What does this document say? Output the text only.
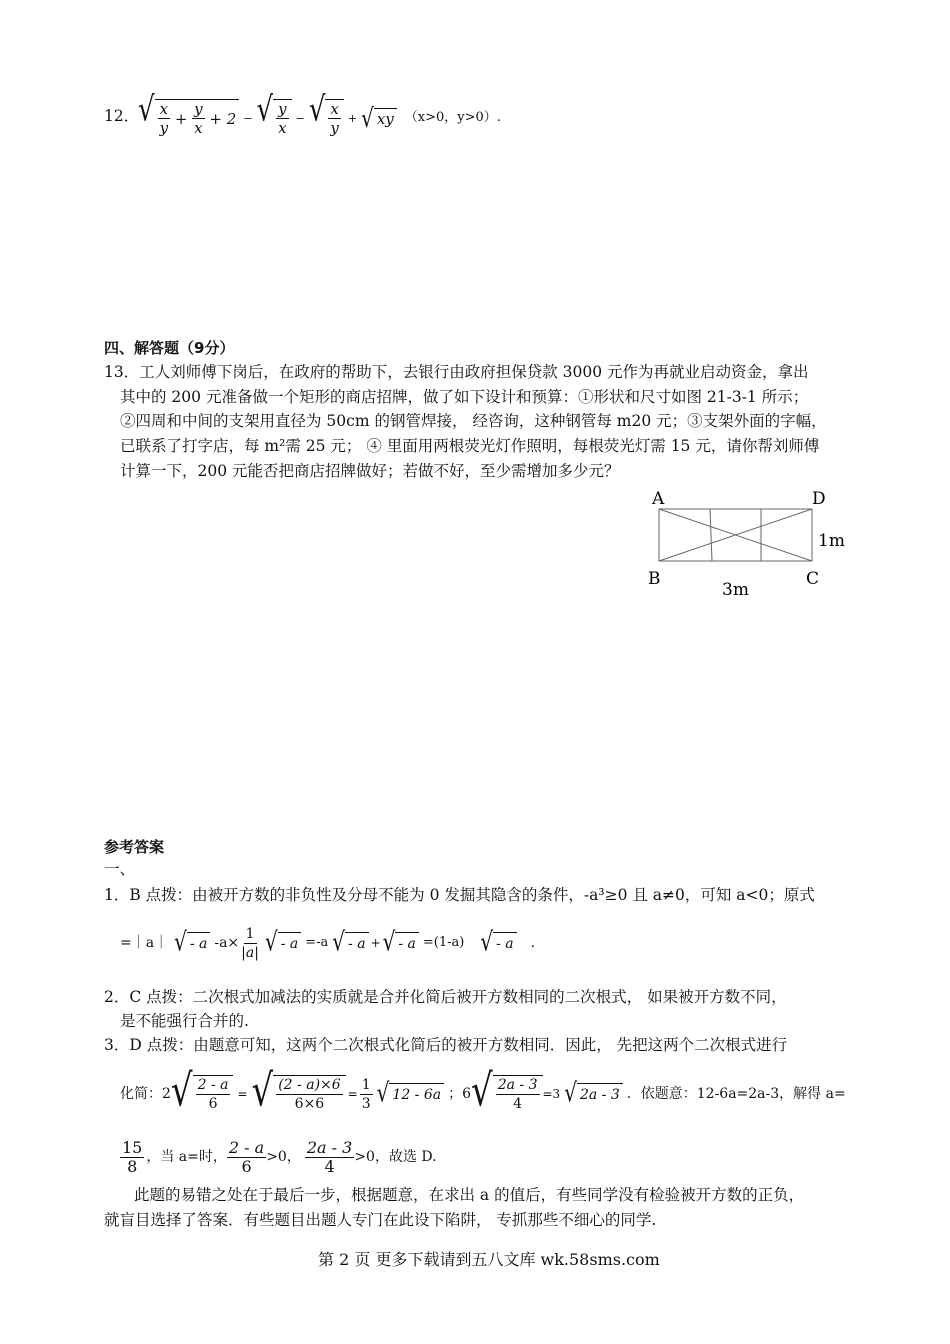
12．
√ $\frac{x}{y} + \frac{y}{x} + 2$ − √ $\frac{y}{x}$ − √ $\frac{x}{y}$ + √ xy （x>0，y>0）.
四、解答题（9分）
13．工人刘师傅下岗后，在政府的帮助下，去银行由政府担保贷款 3000 元作为再就业启动资金，拿出
其中的 200 元准备做一个矩形的商店招牌，做了如下设计和预算：①形状和尺寸如图 21-3-1 所示；
②四周和中间的支架用直径为 50cm 的钢管焊接， 经咨询，这种钢管每 m20 元；③支架外面的字幅，
已联系了打字店，每 m²需 25 元； ④ 里面用两根荧光灯作照明，每根荧光灯需 15 元，请你帮刘师傅
计算一下，200 元能否把商店招牌做好；若做不好，至少需增加多少元？
A	D
B	C
1m
3m
参考答案
一、
1．B 点拨：由被开方数的非负性及分母不能为 0 发掘其隐含的条件，-a³≥0 且 a≠0，可知 a<0；原式
=｜a｜ √ - a $-a\times \frac{1}{|a|}$ √ - a =-a √ - a + √ - a =(1-a) √ - a .
2．C 点拨：二次根式加减法的实质就是合并化简后被开方数相同的二次根式， 如果被开方数不同，
是不能强行合并的.
3．D 点拨：由题意可知，这两个二次根式化简后的被开方数相同．因此， 先把这两个二次根式进行
化简：2 √ $\frac{2 - a}{6}$ = √ $\frac{(2 - a)\times 6}{6\times 6} = \frac{1}{3}$ √ 12 - 6a ；6 √ $\frac{2a - 3}{4} =3$ √ 2a - 3 ．依题意：12-6a=2a-3，解得 a=
$\frac{15}{8}$ ，当 a=时， $\frac{2 - a}{6} >0$， $\frac{2a - 3}{4} >0$，故选 D.
此题的易错之处在于最后一步，根据题意，在求出 a 的值后，有些同学没有检验被开方数的正负，
就盲目选择了答案．有些题目出题人专门在此设下陷阱， 专抓那些不细心的同学.
第 2 页 更多下载请到五八文库 wk.58sms.com
